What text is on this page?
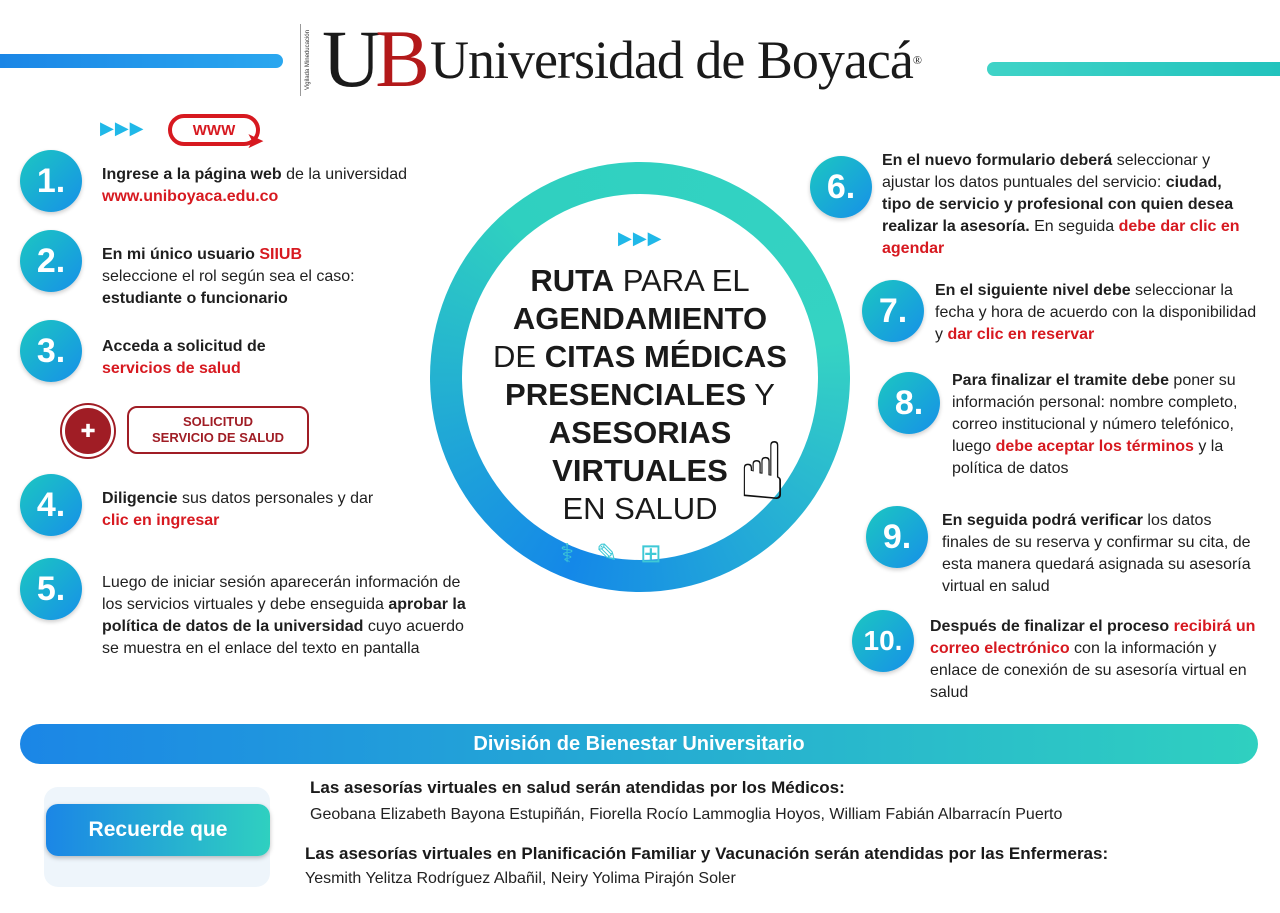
Vigilada Mineducación UB Universidad de Boyacá®
▶▶▶	WWW ➤
1.	Ingrese a la página web de la universidad www.uniboyaca.edu.co
2.	En mi único usuario SIIUB seleccione el rol según sea el caso: estudiante o funcionario
3.	Acceda a solicitud de servicios de salud
✚	SOLICITUD
SERVICIO DE SALUD
4.	Diligencie sus datos personales y dar clic en ingresar
5.	Luego de iniciar sesión aparecerán información de los servicios virtuales y debe enseguida aprobar la política de datos de la universidad cuyo acuerdo se muestra en el enlace del texto en pantalla
▶▶▶
RUTA PARA EL
AGENDAMIENTO
DE CITAS MÉDICAS
PRESENCIALES Y
ASESORIAS
VIRTUALES
EN SALUD ☝
⚕✎⊞
6.
En el nuevo formulario deberá seleccionar y ajustar los datos puntuales del servicio: ciudad, tipo de servicio y profesional con quien desea realizar la asesoría. En seguida debe dar clic en agendar
7.
En el siguiente nivel debe seleccionar la fecha y hora de acuerdo con la disponibilidad y dar clic en reservar
8.
Para finalizar el tramite debe poner su información personal: nombre completo, correo institucional y número telefónico, luego debe aceptar los términos y la política de datos
9.	En seguida podrá verificar los datos finales de su reserva y confirmar su cita, de esta manera quedará asignada su asesoría virtual en salud
10.	Después de finalizar el proceso recibirá un correo electrónico con la información y enlace de conexión de su asesoría virtual en salud
División de Bienestar Universitario
Recuerde que
Las asesorías virtuales en salud serán atendidas por los Médicos:
Geobana Elizabeth Bayona Estupiñán, Fiorella Rocío Lammoglia Hoyos, William Fabián Albarracín Puerto
Las asesorías virtuales en Planificación Familiar y Vacunación serán atendidas por las Enfermeras:
Yesmith Yelitza Rodríguez Albañil, Neiry Yolima Pirajón Soler
